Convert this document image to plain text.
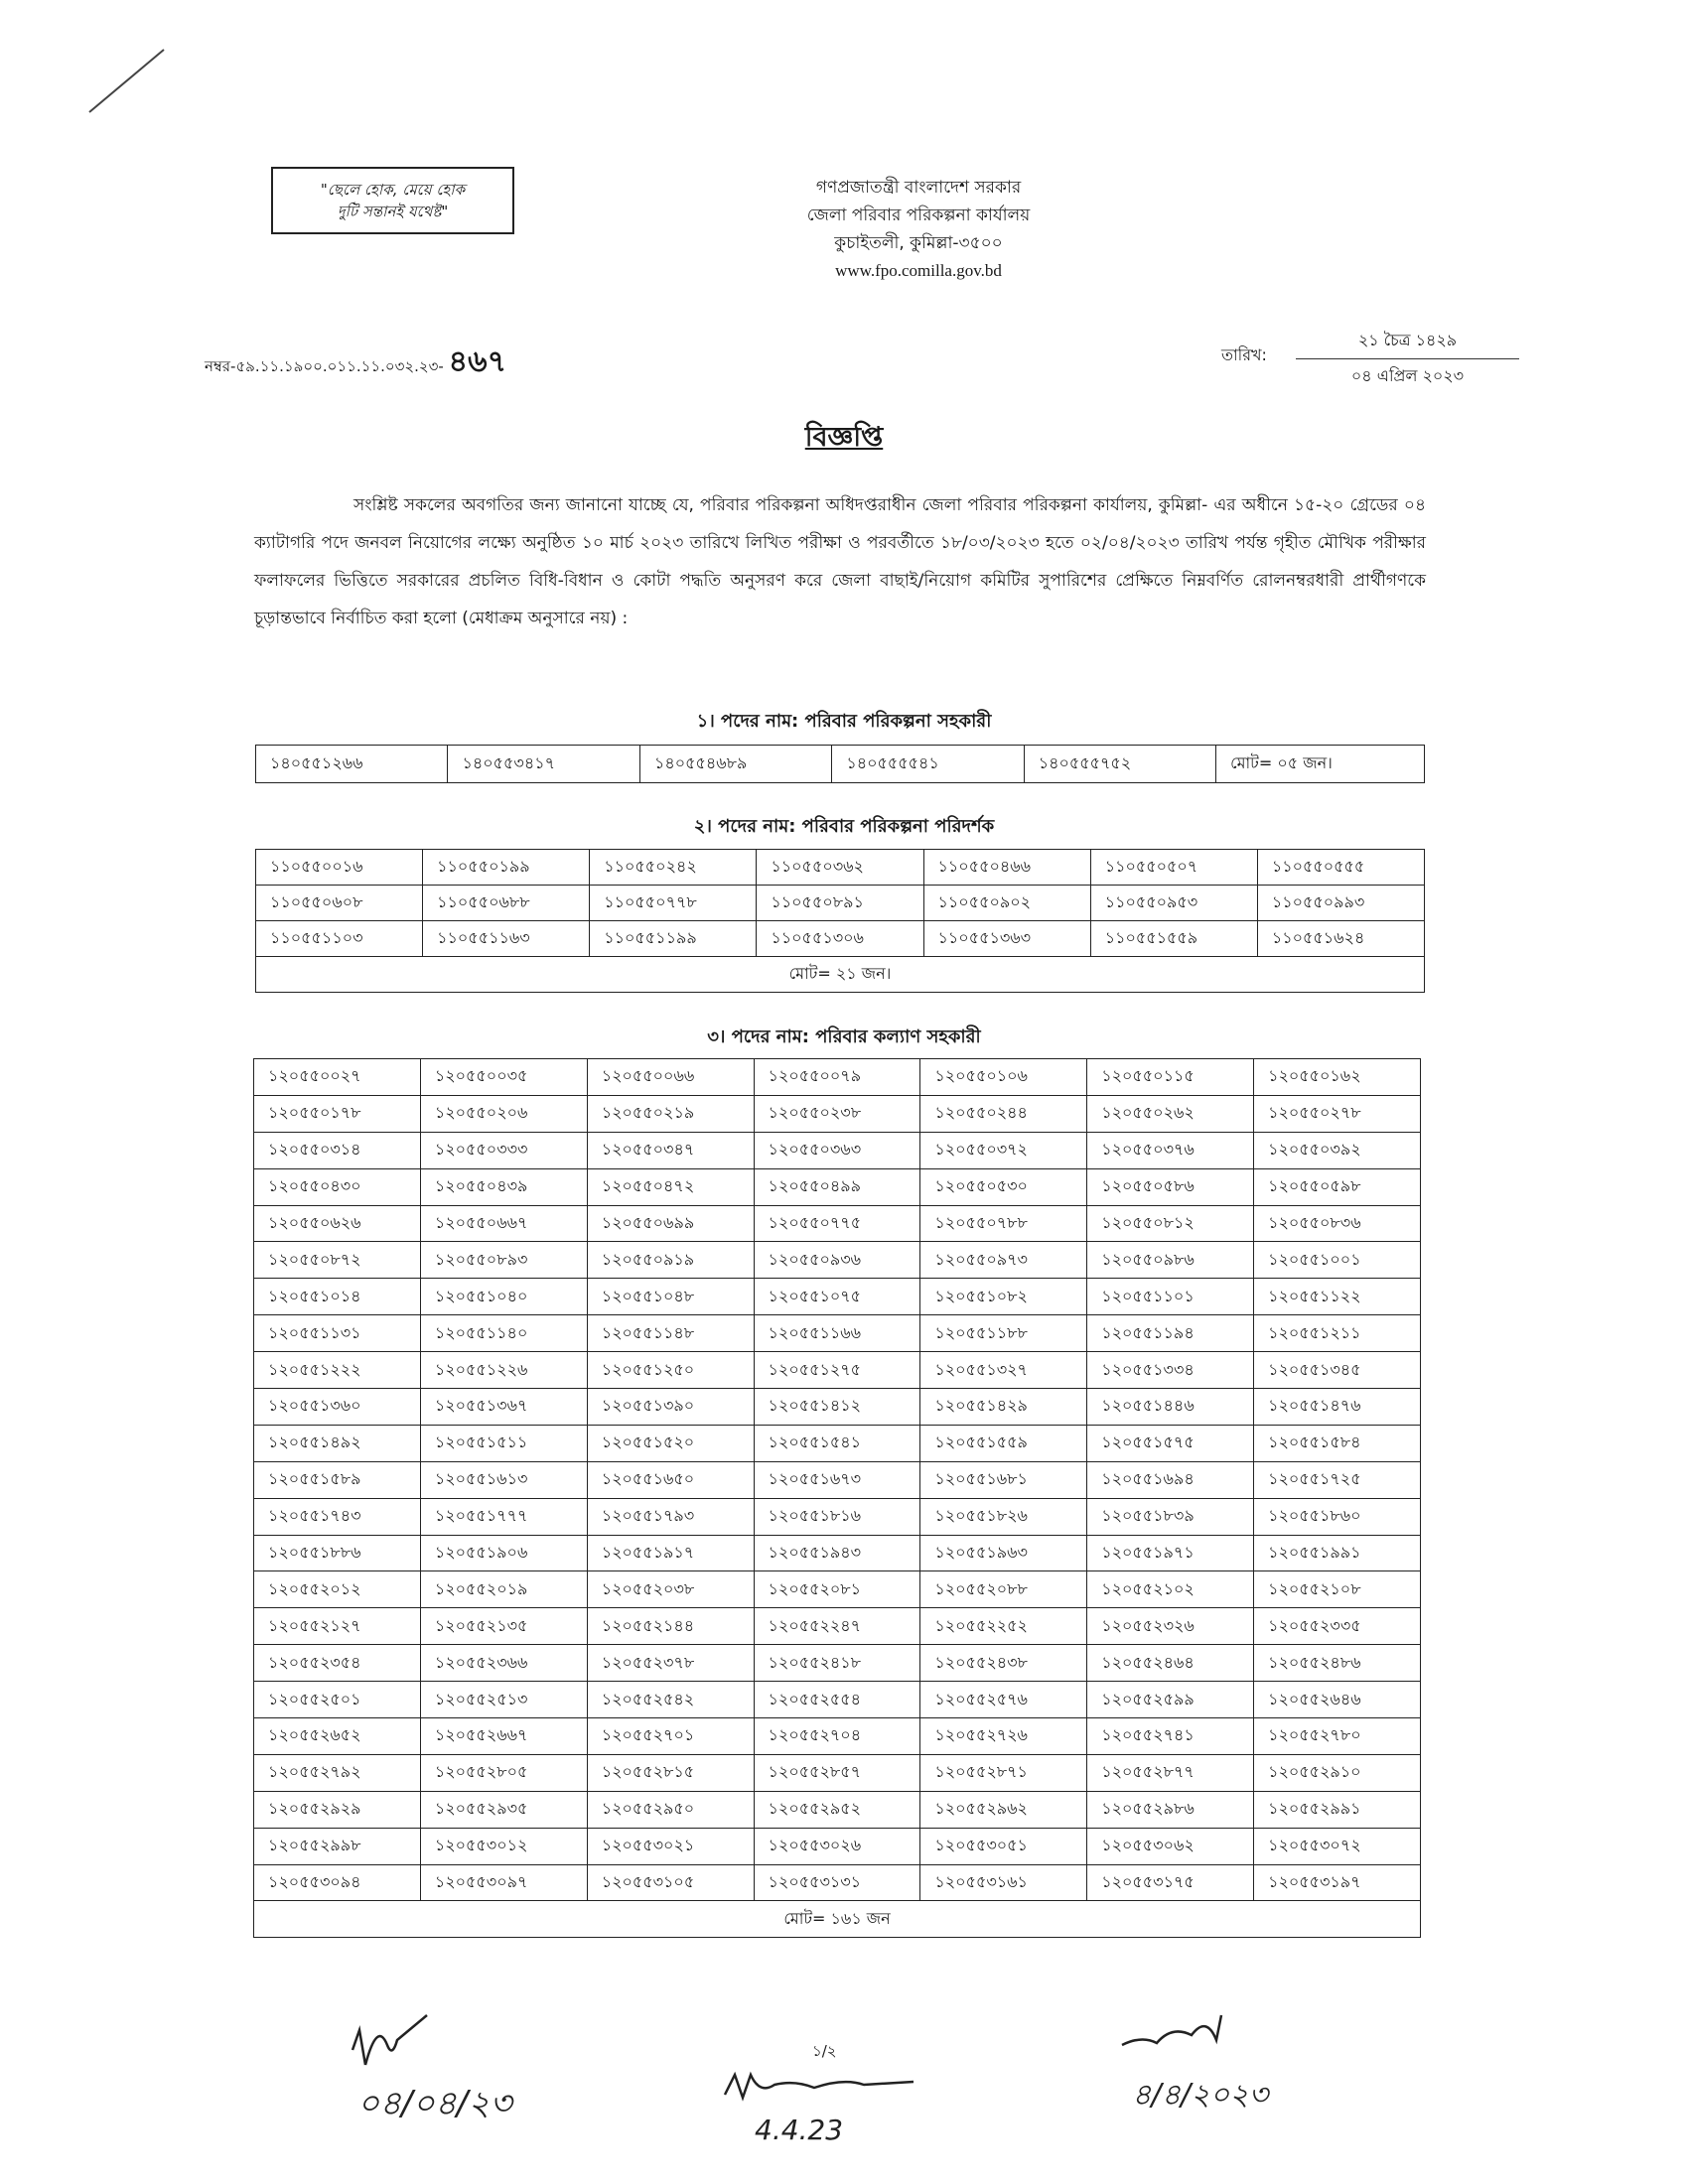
"ছেলে হোক, মেয়ে হোক
দুটি সন্তানই যথেষ্ট"
গণপ্রজাতন্ত্রী বাংলাদেশ সরকার
জেলা পরিবার পরিকল্পনা কার্যালয়
কুচাইতলী, কুমিল্লা-৩৫০০
www.fpo.comilla.gov.bd
নম্বর-৫৯.১১.১৯০০.০১১.১১.০৩২.২৩- ৪৬৭	তারিখ:
২১ চৈত্র ১৪২৯
০৪ এপ্রিল ২০২৩
বিজ্ঞপ্তি
সংশ্লিষ্ট সকলের অবগতির জন্য জানানো যাচ্ছে যে, পরিবার পরিকল্পনা অধিদপ্তরাধীন জেলা পরিবার পরিকল্পনা কার্যালয়, কুমিল্লা- এর অধীনে ১৫-২০ গ্রেডের ০৪ ক্যাটাগরি পদে জনবল নিয়োগের লক্ষ্যে অনুষ্ঠিত ১০ মার্চ ২০২৩ তারিখে লিখিত পরীক্ষা ও পরবর্তীতে ১৮/০৩/২০২৩ হতে ০২/০৪/২০২৩ তারিখ পর্যন্ত গৃহীত মৌখিক পরীক্ষার ফলাফলের ভিত্তিতে সরকারের প্রচলিত বিধি-বিধান ও কোটা পদ্ধতি অনুসরণ করে জেলা বাছাই/নিয়োগ কমিটির সুপারিশের প্রেক্ষিতে নিম্নবর্ণিত রোলনম্বরধারী প্রার্থীগণকে চূড়ান্তভাবে নির্বাচিত করা হলো (মেধাক্রম অনুসারে নয়) :
১। পদের নাম: পরিবার পরিকল্পনা সহকারী
১৪০৫৫১২৬৬	১৪০৫৫৩৪১৭	১৪০৫৫৪৬৮৯	১৪০৫৫৫৫৪১	১৪০৫৫৫৭৫২	মোট= ০৫ জন।
২। পদের নাম: পরিবার পরিকল্পনা পরিদর্শক
১১০৫৫০০১৬	১১০৫৫০১৯৯	১১০৫৫০২৪২	১১০৫৫০৩৬২	১১০৫৫০৪৬৬	১১০৫৫০৫০৭	১১০৫৫০৫৫৫
১১০৫৫০৬০৮	১১০৫৫০৬৮৮	১১০৫৫০৭৭৮	১১০৫৫০৮৯১	১১০৫৫০৯০২	১১০৫৫০৯৫৩	১১০৫৫০৯৯৩
১১০৫৫১১০৩	১১০৫৫১১৬৩	১১০৫৫১১৯৯	১১০৫৫১৩০৬	১১০৫৫১৩৬৩	১১০৫৫১৫৫৯	১১০৫৫১৬২৪
মোট= ২১ জন।						
৩। পদের নাম: পরিবার কল্যাণ সহকারী
১২০৫৫০০২৭	১২০৫৫০০৩৫	১২০৫৫০০৬৬	১২০৫৫০০৭৯	১২০৫৫০১০৬	১২০৫৫০১১৫	১২০৫৫০১৬২
১২০৫৫০১৭৮	১২০৫৫০২০৬	১২০৫৫০২১৯	১২০৫৫০২৩৮	১২০৫৫০২৪৪	১২০৫৫০২৬২	১২০৫৫০২৭৮
১২০৫৫০৩১৪	১২০৫৫০৩৩৩	১২০৫৫০৩৪৭	১২০৫৫০৩৬৩	১২০৫৫০৩৭২	১২০৫৫০৩৭৬	১২০৫৫০৩৯২
১২০৫৫০৪৩০	১২০৫৫০৪৩৯	১২০৫৫০৪৭২	১২০৫৫০৪৯৯	১২০৫৫০৫৩০	১২০৫৫০৫৮৬	১২০৫৫০৫৯৮
১২০৫৫০৬২৬	১২০৫৫০৬৬৭	১২০৫৫০৬৯৯	১২০৫৫০৭৭৫	১২০৫৫০৭৮৮	১২০৫৫০৮১২	১২০৫৫০৮৩৬
১২০৫৫০৮৭২	১২০৫৫০৮৯৩	১২০৫৫০৯১৯	১২০৫৫০৯৩৬	১২০৫৫০৯৭৩	১২০৫৫০৯৮৬	১২০৫৫১০০১
১২০৫৫১০১৪	১২০৫৫১০৪০	১২০৫৫১০৪৮	১২০৫৫১০৭৫	১২০৫৫১০৮২	১২০৫৫১১০১	১২০৫৫১১২২
১২০৫৫১১৩১	১২০৫৫১১৪০	১২০৫৫১১৪৮	১২০৫৫১১৬৬	১২০৫৫১১৮৮	১২০৫৫১১৯৪	১২০৫৫১২১১
১২০৫৫১২২২	১২০৫৫১২২৬	১২০৫৫১২৫০	১২০৫৫১২৭৫	১২০৫৫১৩২৭	১২০৫৫১৩৩৪	১২০৫৫১৩৪৫
১২০৫৫১৩৬০	১২০৫৫১৩৬৭	১২০৫৫১৩৯০	১২০৫৫১৪১২	১২০৫৫১৪২৯	১২০৫৫১৪৪৬	১২০৫৫১৪৭৬
১২০৫৫১৪৯২	১২০৫৫১৫১১	১২০৫৫১৫২০	১২০৫৫১৫৪১	১২০৫৫১৫৫৯	১২০৫৫১৫৭৫	১২০৫৫১৫৮৪
১২০৫৫১৫৮৯	১২০৫৫১৬১৩	১২০৫৫১৬৫০	১২০৫৫১৬৭৩	১২০৫৫১৬৮১	১২০৫৫১৬৯৪	১২০৫৫১৭২৫
১২০৫৫১৭৪৩	১২০৫৫১৭৭৭	১২০৫৫১৭৯৩	১২০৫৫১৮১৬	১২০৫৫১৮২৬	১২০৫৫১৮৩৯	১২০৫৫১৮৬০
১২০৫৫১৮৮৬	১২০৫৫১৯০৬	১২০৫৫১৯১৭	১২০৫৫১৯৪৩	১২০৫৫১৯৬৩	১২০৫৫১৯৭১	১২০৫৫১৯৯১
১২০৫৫২০১২	১২০৫৫২০১৯	১২০৫৫২০৩৮	১২০৫৫২০৮১	১২০৫৫২০৮৮	১২০৫৫২১০২	১২০৫৫২১০৮
১২০৫৫২১২৭	১২০৫৫২১৩৫	১২০৫৫২১৪৪	১২০৫৫২২৪৭	১২০৫৫২২৫২	১২০৫৫২৩২৬	১২০৫৫২৩৩৫
১২০৫৫২৩৫৪	১২০৫৫২৩৬৬	১২০৫৫২৩৭৮	১২০৫৫২৪১৮	১২০৫৫২৪৩৮	১২০৫৫২৪৬৪	১২০৫৫২৪৮৬
১২০৫৫২৫০১	১২০৫৫২৫১৩	১২০৫৫২৫৪২	১২০৫৫২৫৫৪	১২০৫৫২৫৭৬	১২০৫৫২৫৯৯	১২০৫৫২৬৪৬
১২০৫৫২৬৫২	১২০৫৫২৬৬৭	১২০৫৫২৭০১	১২০৫৫২৭০৪	১২০৫৫২৭২৬	১২০৫৫২৭৪১	১২০৫৫২৭৮০
১২০৫৫২৭৯২	১২০৫৫২৮০৫	১২০৫৫২৮১৫	১২০৫৫২৮৫৭	১২০৫৫২৮৭১	১২০৫৫২৮৭৭	১২০৫৫২৯১০
১২০৫৫২৯২৯	১২০৫৫২৯৩৫	১২০৫৫২৯৫০	১২০৫৫২৯৫২	১২০৫৫২৯৬২	১২০৫৫২৯৮৬	১২০৫৫২৯৯১
১২০৫৫২৯৯৮	১২০৫৫৩০১২	১২০৫৫৩০২১	১২০৫৫৩০২৬	১২০৫৫৩০৫১	১২০৫৫৩০৬২	১২০৫৫৩০৭২
১২০৫৫৩০৯৪	১২০৫৫৩০৯৭	১২০৫৫৩১০৫	১২০৫৫৩১৩১	১২০৫৫৩১৬১	১২০৫৫৩১৭৫	১২০৫৫৩১৯৭
মোট= ১৬১ জন						
০৪/০৪/২৩
১/২
4.4.23
৪/৪/২০২৩
